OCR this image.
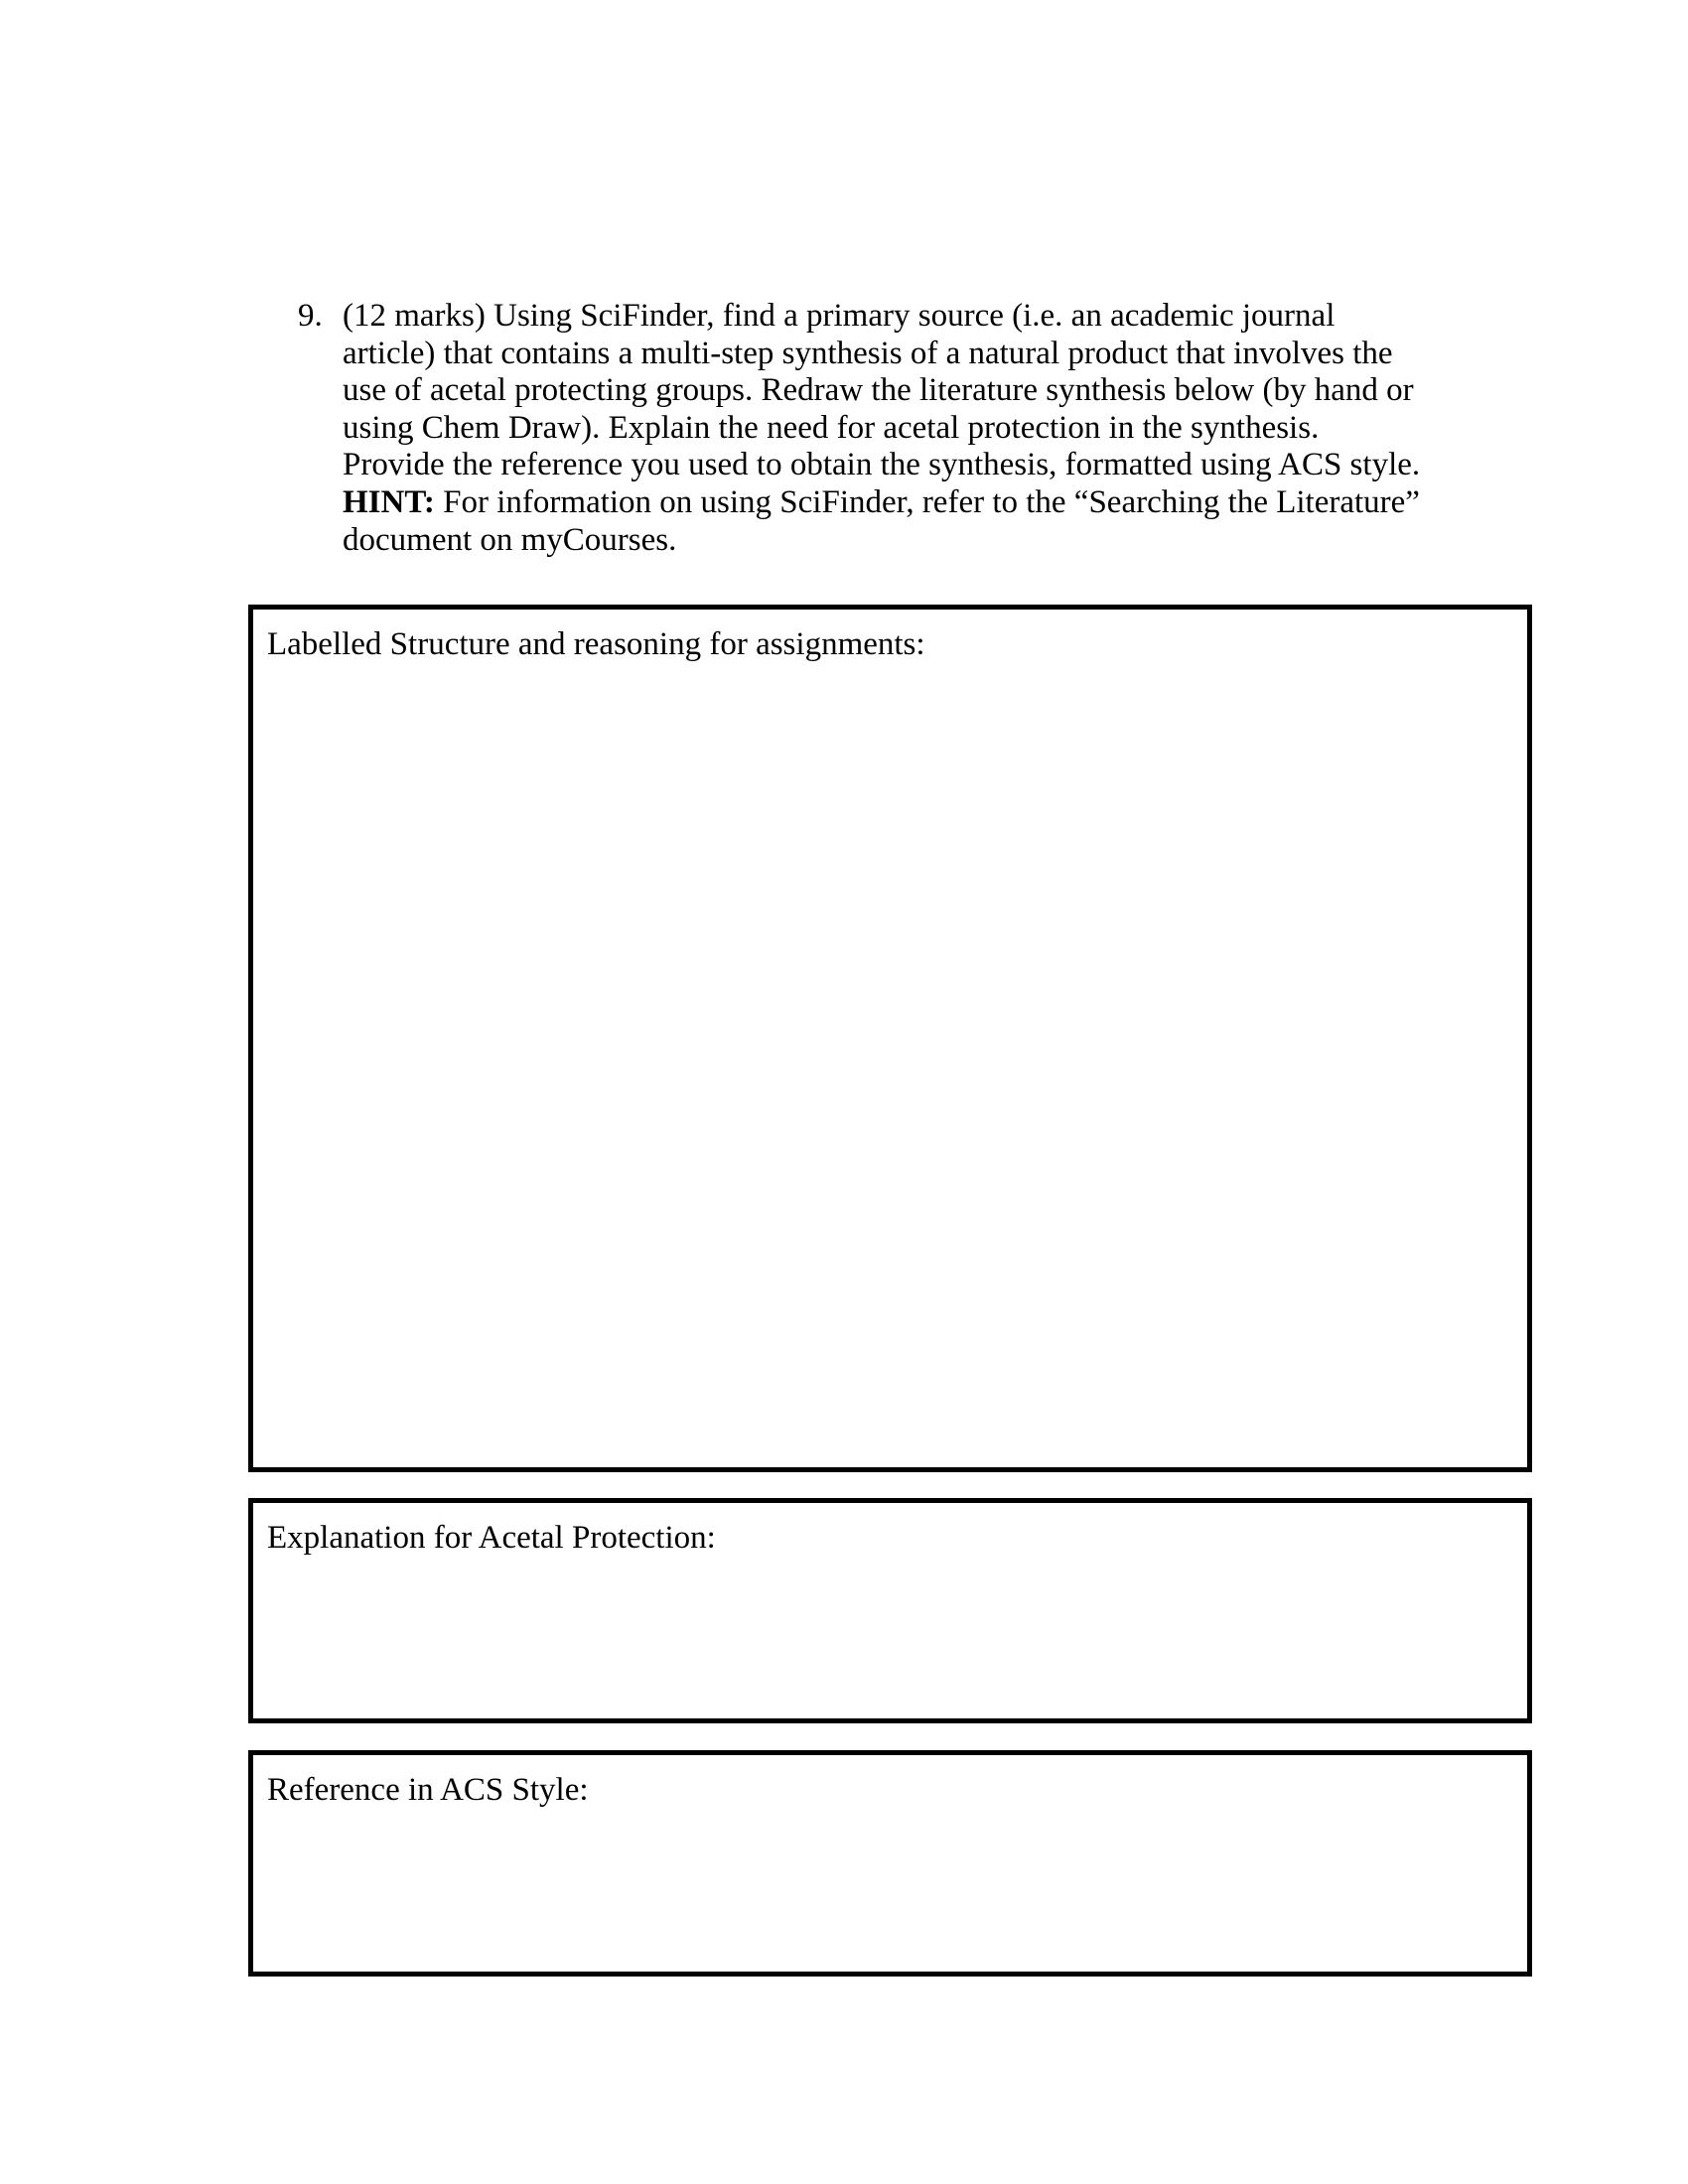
9. (12 marks) Using SciFinder, find a primary source (i.e. an academic journal
article) that contains a multi-step synthesis of a natural product that involves the
use of acetal protecting groups. Redraw the literature synthesis below (by hand or
using Chem Draw). Explain the need for acetal protection in the synthesis.
Provide the reference you used to obtain the synthesis, formatted using ACS style.
HINT: For information on using SciFinder, refer to the “Searching the Literature”
document on myCourses.
Labelled Structure and reasoning for assignments:
Explanation for Acetal Protection:
Reference in ACS Style:
